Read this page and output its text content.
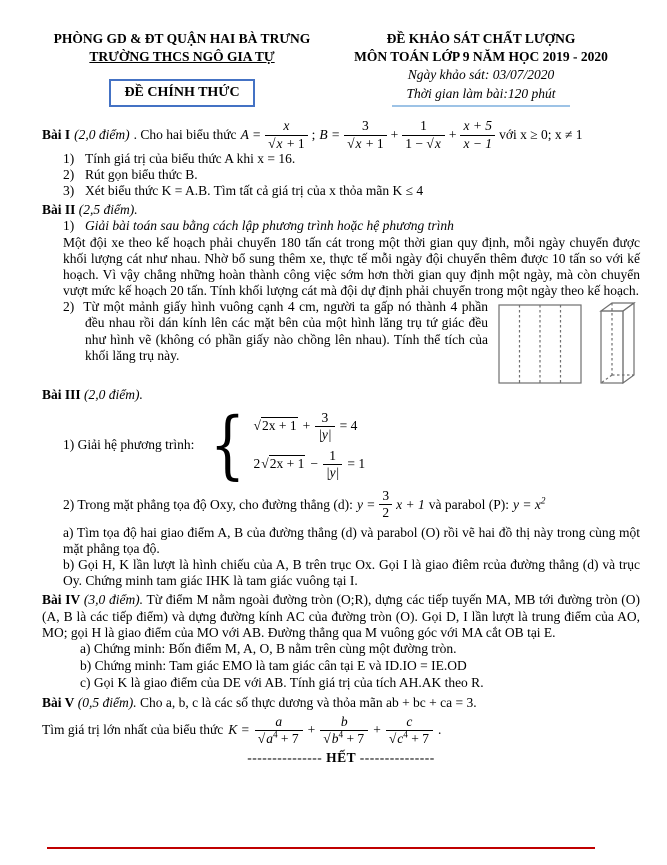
PHÒNG GD & ĐT QUẬN HAI BÀ TRƯNG
TRƯỜNG THCS NGÔ GIA TỰ
ĐỀ CHÍNH THỨC
ĐỀ KHẢO SÁT CHẤT LƯỢNG
MÔN TOÁN LỚP 9 NĂM HỌC 2019 - 2020
Ngày khảo sát: 03/07/2020
Thời gian làm bài:120 phút
Bài I (2,0 điểm) . Cho hai biểu thức $A = \frac{x}{√x + 1}$ ; $B = \frac{3}{√x + 1} + \frac{1}{1 - √x} + \frac{x + 5}{x - 1}$ với x ≥ 0; x ≠ 1
1) Tính giá trị của biểu thức A khi x = 16.
2) Rút gọn biểu thức B.
3) Xét biểu thức K = A.B. Tìm tất cả giá trị của x thỏa mãn K ≤ 4
Bài II (2,5 điểm).
1) Giải bài toán sau bằng cách lập phương trình hoặc hệ phương trình
Một đội xe theo kế hoạch phải chuyển 180 tấn cát trong một thời gian quy định, mỗi ngày chuyển được khối lượng cát như nhau. Nhờ bổ sung thêm xe, thực tế mỗi ngày đội chuyển thêm được 10 tấn so với kế hoạch. Vì vậy chẳng những hoàn thành công việc sớm hơn thời gian quy định một ngày, mà còn chuyển vượt mức kế hoạch 20 tấn. Tính khối lượng cát mà đội dự định phải chuyển trong một ngày theo kế hoạch.
2) Từ một mảnh giấy hình vuông cạnh 4 cm, người ta gấp nó thành 4 phần đều nhau rồi dán kính lên các mặt bên của một hình lăng trụ tứ giác đều như hình vẽ (không có phần giấy nào chồng lên nhau). Tính thể tích của khối lăng trụ này.
Bài III (2,0 điểm).
1) Giải hệ phương trình: { $√2x + 1 + \frac{3}{|y|} = 4$
2 $√2x + 1 - \frac{1}{|y|} = 1$
2) Trong mặt phẳng tọa độ Oxy, cho đường thẳng (d): $y = \frac{3}{2}$ x + 1 và parabol (P): $y = x^2$
a) Tìm tọa độ hai giao điểm A, B của đường thẳng (d) và parabol (O) rồi vẽ hai đồ thị này trong cùng một mặt phẳng tọa độ.
b) Gọi H, K lần lượt là hình chiếu của A, B trên trục Ox. Gọi I là giao điêm rcủa đường thẳng (d) và trục Oy. Chứng minh tam giác IHK là tam giác vuông tại I.
Bài IV (3,0 điểm). Từ điểm M nằm ngoài đường tròn (O;R), dựng các tiếp tuyến MA, MB tới đường tròn (O) (A, B là các tiếp điểm) và dựng đường kính AC của đường tròn (O). Gọi D, I lần lượt là trung điểm của AO, MO; gọi H là giao điểm của MO với AB. Đường thẳng qua M vuông góc với MA cắt OB tại E.
a) Chứng minh: Bốn điểm M, A, O, B nằm trên cùng một đường tròn.
b) Chứng minh: Tam giác EMO là tam giác cân tại E và ID.IO = IE.OD
c) Gọi K là giao điểm của DE với AB. Tính giá trị của tích AH.AK theo R.
Bài V (0,5 điểm). Cho a, b, c là các số thực dương và thỏa mãn ab + bc + ca = 3.
Tìm giá trị lớn nhất của biểu thức $K = \frac{a}{√a^4 + 7} + \frac{b}{√b^4 + 7} + \frac{c}{√c^4 + 7}$ .
--------------- HẾT ---------------
